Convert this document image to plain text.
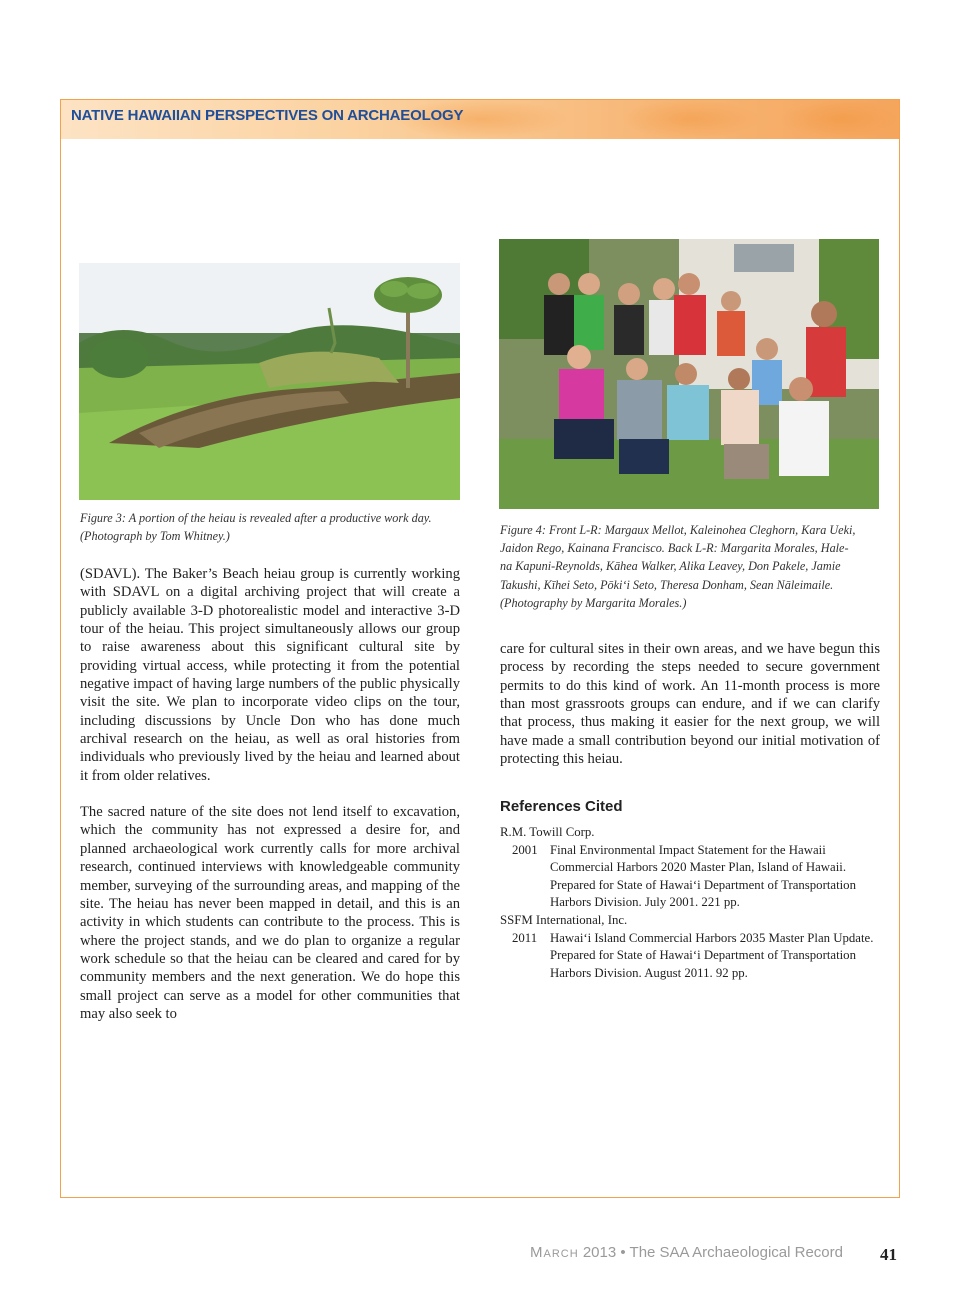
NATIVE HAWAIIAN PERSPECTIVES ON ARCHAEOLOGY
Figure 3: A portion of the heiau is revealed after a productive work day.
(Photograph by Tom Whitney.)	Figure 4: Front L-R: Margaux Mellot, Kaleinohea Cleghorn, Kara Ueki,
Jaidon Rego, Kainana Francisco. Back L-R: Margarita Morales, Hale-
na Kapuni-Reynolds, Kāhea Walker, Alika Leavey, Don Pakele, Jamie
Takushi, Kīhei Seto, Pōki‘i Seto, Theresa Donham, Sean Nāleimaile.
(Photography by Margarita Morales.)

(SDAVL). The Baker’s Beach heiau group is currently working with SDAVL on a digital archiving project that will create a publicly available 3-D photorealistic model and interactive 3-D tour of the heiau. This project simultaneously allows our group to raise awareness about this significant cultural site by providing virtual access, while protecting it from the potential negative impact of having large numbers of the public physically visit the site. We plan to incorporate video clips on the tour, including discussions by Uncle Don who has done much archival research on the heiau, as well as oral histories from individuals who previously lived by the heiau and learned about it from older relatives.

The sacred nature of the site does not lend itself to excavation, which the community has not expressed a desire for, and planned archaeological work currently calls for more archival research, continued interviews with knowledgeable community member, surveying of the surrounding areas, and mapping of the site. The heiau has never been mapped in detail, and this is an activity in which students can contribute to the process. This is where the project stands, and we do plan to organize a regular work schedule so that the heiau can be cleared and cared for by community members and the next generation. We do hope this small project can serve as a model for other communities that may also seek to

care for cultural sites in their own areas, and we have begun this process by recording the steps needed to secure government permits to do this kind of work. An 11-month process is more than most grassroots groups can endure, and if we can clarify that process, thus making it easier for the next group, we will have made a small contribution beyond our initial motivation of protecting this heiau.

References Cited
R.M. Towill Corp.
2001 Final Environmental Impact Statement for the Hawaii Commercial Harbors 2020 Master Plan, Island of Hawaii. Prepared for State of Hawai‘i Department of Transportation Harbors Division. July 2001. 221 pp.
SSFM International, Inc.
2011	Hawai‘i Island Commercial Harbors 2035 Master Plan Update. Prepared for State of Hawai‘i Department of Transportation Harbors Division. August 2011. 92 pp.
March 2013 • The SAA Archaeological Record 41
